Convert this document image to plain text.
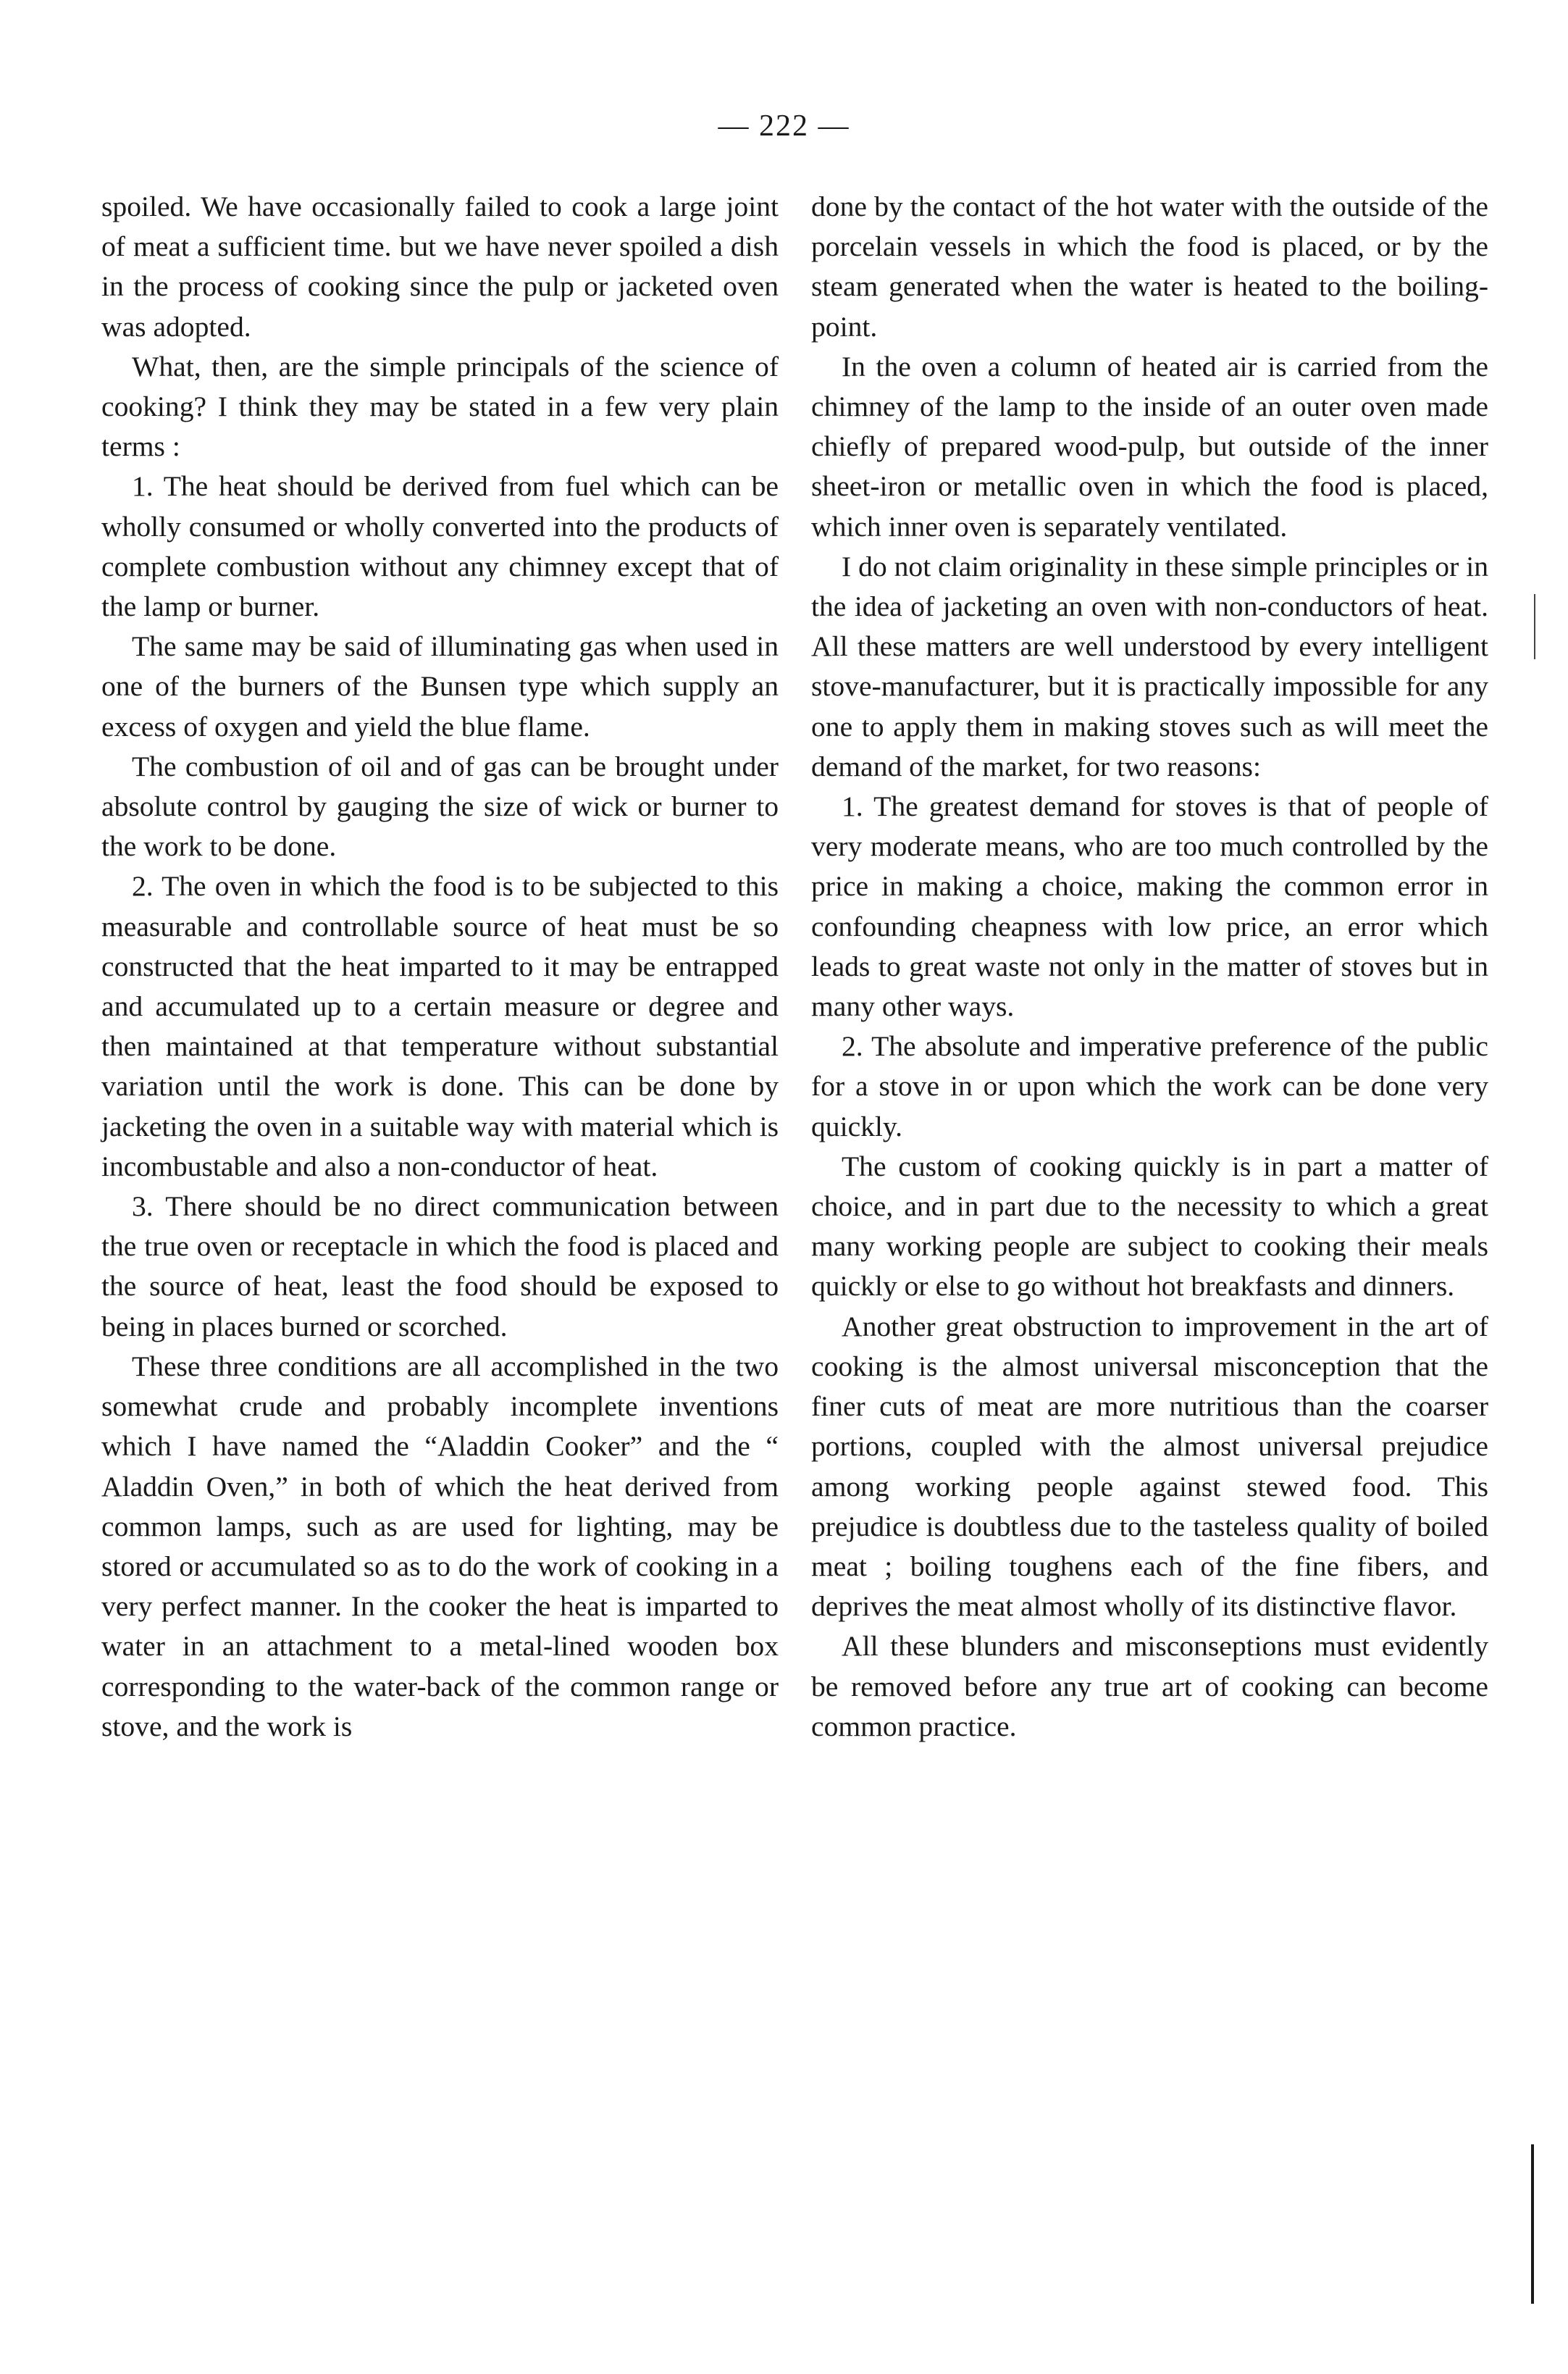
— 222 —

spoiled. We have occasionally failed to cook a large joint of meat a sufficient time. but we have never spoiled a dish in the process of cooking since the pulp or jacketed oven was adopted.

What, then, are the simple principals of the science of cooking? I think they may be stated in a few very plain terms :

1. The heat should be derived from fuel which can be wholly consumed or wholly converted into the products of complete combustion without any chimney except that of the lamp or burner.

The same may be said of illuminating gas when used in one of the burners of the Bunsen type which supply an excess of oxygen and yield the blue flame.

The combustion of oil and of gas can be brought under absolute control by gauging the size of wick or burner to the work to be done.

2. The oven in which the food is to be subjected to this measurable and controllable source of heat must be so constructed that the heat imparted to it may be entrapped and accumulated up to a certain measure or degree and then maintained at that temperature without substantial variation until the work is done. This can be done by jacketing the oven in a suitable way with material which is incombustable and also a non-conductor of heat.

3. There should be no direct communication between the true oven or receptacle in which the food is placed and the source of heat, least the food should be exposed to being in places burned or scorched.

These three conditions are all accomplished in the two somewhat crude and probably incomplete inventions which I have named the “Aladdin Cooker” and the “ Aladdin Oven,” in both of which the heat derived from common lamps, such as are used for lighting, may be stored or accumulated so as to do the work of cooking in a very perfect manner. In the cooker the heat is imparted to water in an attachment to a metal-lined wooden box corresponding to the water-back of the common range or stove, and the work is

done by the contact of the hot water with the outside of the porcelain vessels in which the food is placed, or by the steam generated when the water is heated to the boiling-point.

In the oven a column of heated air is carried from the chimney of the lamp to the inside of an outer oven made chiefly of prepared wood-pulp, but outside of the inner sheet-iron or metallic oven in which the food is placed, which inner oven is separately ventilated.

I do not claim originality in these simple principles or in the idea of jacketing an oven with non-conductors of heat. All these matters are well understood by every intelligent stove-manufacturer, but it is practically impossible for any one to apply them in making stoves such as will meet the demand of the market, for two reasons:

1. The greatest demand for stoves is that of people of very moderate means, who are too much controlled by the price in making a choice, making the common error in confounding cheapness with low price, an error which leads to great waste not only in the matter of stoves but in many other ways.

2. The absolute and imperative preference of the public for a stove in or upon which the work can be done very quickly.

The custom of cooking quickly is in part a matter of choice, and in part due to the necessity to which a great many working people are subject to cooking their meals quickly or else to go without hot breakfasts and dinners.

Another great obstruction to improvement in the art of cooking is the almost universal misconception that the finer cuts of meat are more nutritious than the coarser portions, coupled with the almost universal prejudice among working people against stewed food. This prejudice is doubtless due to the tasteless quality of boiled meat ; boiling toughens each of the fine fibers, and deprives the meat almost wholly of its distinctive flavor.

All these blunders and misconseptions must evidently be removed before any true art of cooking can become common practice.
